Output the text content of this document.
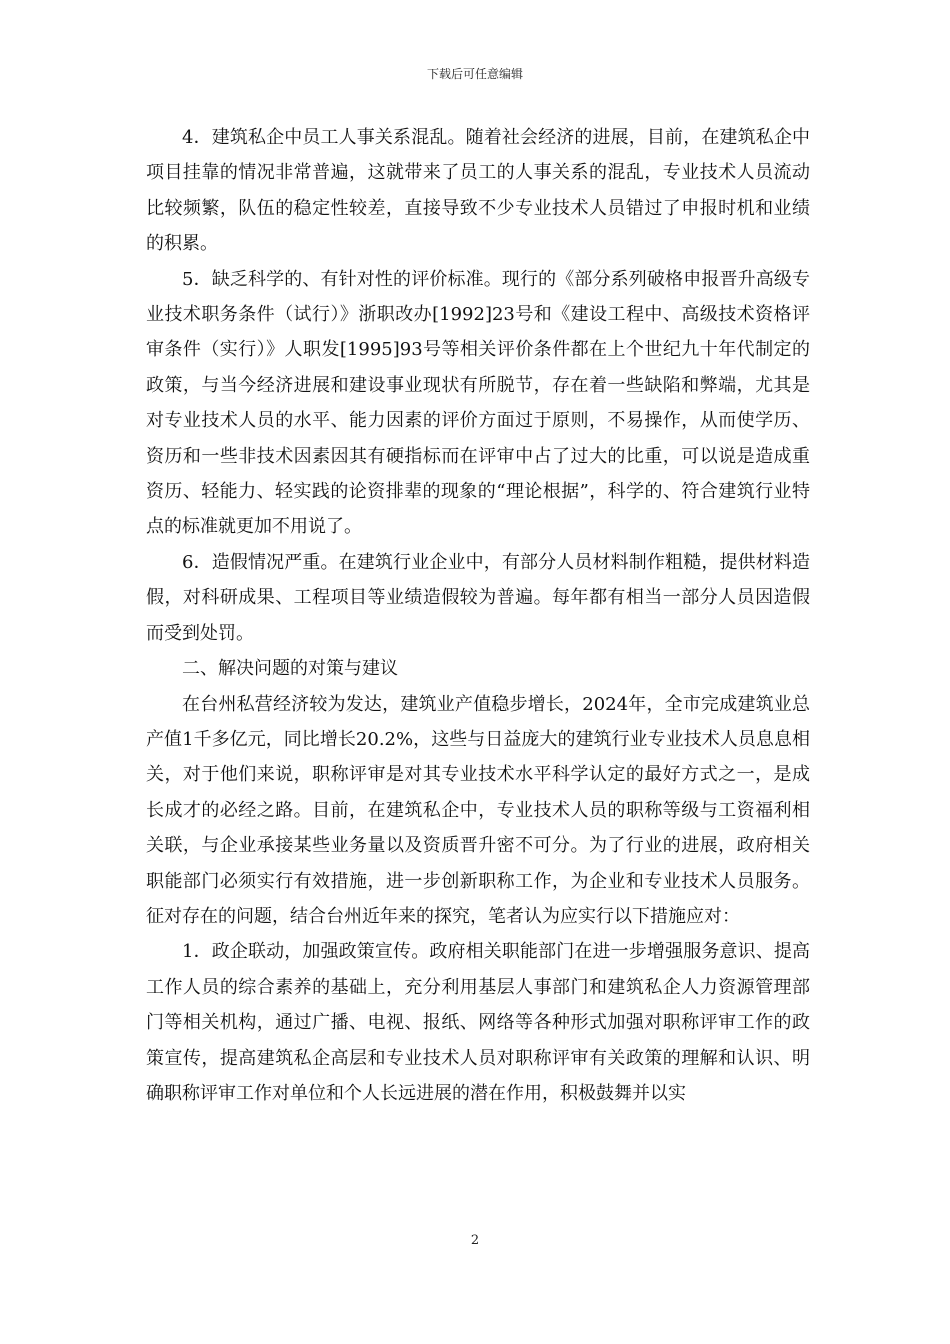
下载后可任意编辑

4．建筑私企中员工人事关系混乱。随着社会经济的进展，目前，在建筑私企中项目挂靠的情况非常普遍，这就带来了员工的人事关系的混乱，专业技术人员流动比较频繁，队伍的稳定性较差，直接导致不少专业技术人员错过了申报时机和业绩的积累。

5．缺乏科学的、有针对性的评价标准。现行的《部分系列破格申报晋升高级专业技术职务条件（试行）》浙职改办[1992]23号和《建设工程中、高级技术资格评审条件（实行）》人职发[1995]93号等相关评价条件都在上个世纪九十年代制定的政策，与当今经济进展和建设事业现状有所脱节，存在着一些缺陷和弊端，尤其是对专业技术人员的水平、能力因素的评价方面过于原则，不易操作，从而使学历、资历和一些非技术因素因其有硬指标而在评审中占了过大的比重，可以说是造成重资历、轻能力、轻实践的论资排辈的现象的“理论根据”，科学的、符合建筑行业特点的标准就更加不用说了。

6．造假情况严重。在建筑行业企业中，有部分人员材料制作粗糙，提供材料造假，对科研成果、工程项目等业绩造假较为普遍。每年都有相当一部分人员因造假而受到处罚。

二、解决问题的对策与建议

在台州私营经济较为发达，建筑业产值稳步增长，2024年，全市完成建筑业总产值1千多亿元，同比增长20.2%，这些与日益庞大的建筑行业专业技术人员息息相关，对于他们来说，职称评审是对其专业技术水平科学认定的最好方式之一，是成长成才的必经之路。目前，在建筑私企中，专业技术人员的职称等级与工资福利相关联，与企业承接某些业务量以及资质晋升密不可分。为了行业的进展，政府相关职能部门必须实行有效措施，进一步创新职称工作，为企业和专业技术人员服务。征对存在的问题，结合台州近年来的探究，笔者认为应实行以下措施应对：

1．政企联动，加强政策宣传。政府相关职能部门在进一步增强服务意识、提高工作人员的综合素养的基础上，充分利用基层人事部门和建筑私企人力资源管理部门等相关机构，通过广播、电视、报纸、网络等各种形式加强对职称评审工作的政策宣传，提高建筑私企高层和专业技术人员对职称评审有关政策的理解和认识、明确职称评审工作对单位和个人长远进展的潜在作用，积极鼓舞并以实

2
